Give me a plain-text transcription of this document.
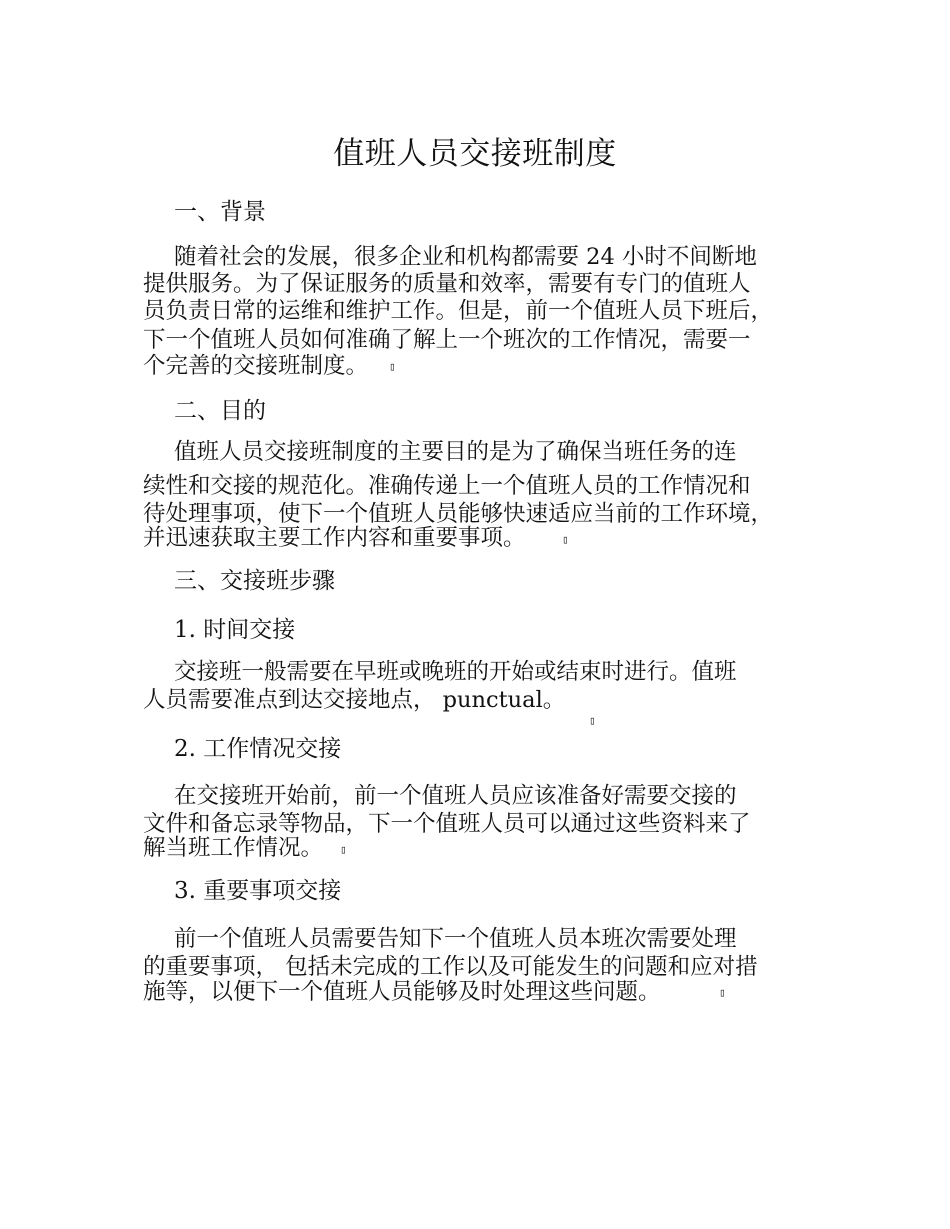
值班人员交接班制度
一、背景
随着社会的发展，很多企业和机构都需要 24 小时不间断地
提供服务。为了保证服务的质量和效率，需要有专门的值班人
员负责日常的运维和维护工作。但是，前一个值班人员下班后，
下一个值班人员如何准确了解上一个班次的工作情况，需要一
个完善的交接班制度。 ▯
二、目的
值班人员交接班制度的主要目的是为了确保当班任务的连
续性和交接的规范化。准确传递上一个值班人员的工作情况和
待处理事项，使下一个值班人员能够快速适应当前的工作环境，
并迅速获取主要工作内容和重要事项。	▯
三、交接班步骤
1. 时间交接
交接班一般需要在早班或晚班的开始或结束时进行。值班
人员需要准点到达交接地点， punctual。
▯
2. 工作情况交接
在交接班开始前，前一个值班人员应该准备好需要交接的
文件和备忘录等物品，下一个值班人员可以通过这些资料来了
解当班工作情况。 ▯
3. 重要事项交接
前一个值班人员需要告知下一个值班人员本班次需要处理
的重要事项， 包括未完成的工作以及可能发生的问题和应对措
施等，以便下一个值班人员能够及时处理这些问题。	▯
